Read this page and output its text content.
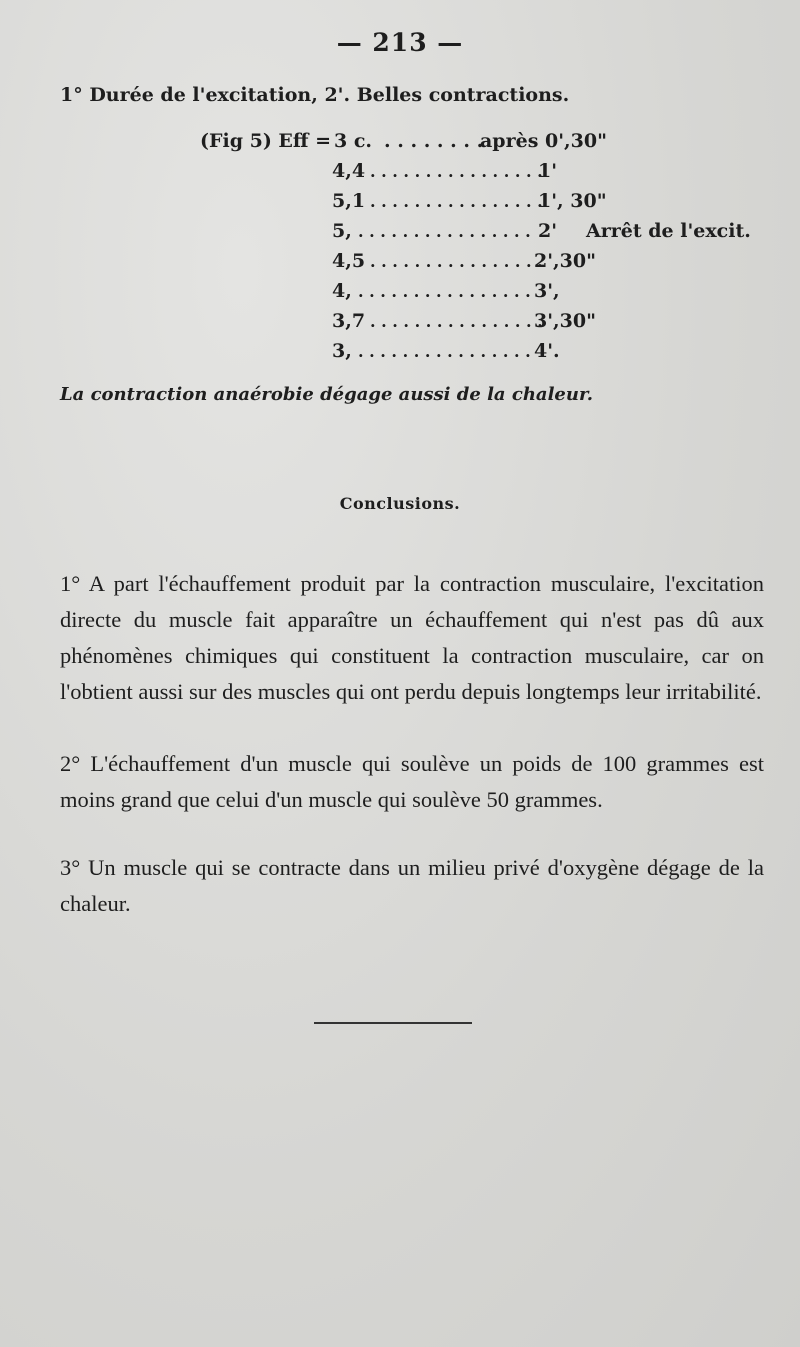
— 213 —
1° Durée de l'excitation, 2'. Belles contractions.
(Fig 5) Eff = 3 c. . . . . . . . .
après 0',30"
4,4 . . . . . . . . . . . . . . . .
1'
5,1 . . . . . . . . . . . . . . . .
1', 30"
5, . . . . . . . . . . . . . . . . 2' Arrêt de l'excit.
4,5 . . . . . . . . . . . . . . . .
2',30"
4, . . . . . . . . . . . . . . . . 3',
3,7 . . . . . . . . . . . . . . . .
3',30"
3, . . . . . . . . . . . . . . . . 4'.
La contraction anaérobie dégage aussi de la chaleur.
Conclusions.
1° A part l'échauffement produit par la contraction musculaire, l'excitation directe du muscle fait apparaître un échauffement qui n'est pas dû aux phénomènes chimiques qui constituent la contraction musculaire, car on l'obtient aussi sur des muscles qui ont perdu depuis longtemps leur irritabilité.
2° L'échauffement d'un muscle qui soulève un poids de 100 grammes est moins grand que celui d'un muscle qui soulève 50 grammes.
3° Un muscle qui se contracte dans un milieu privé d'oxygène dégage de la chaleur.
